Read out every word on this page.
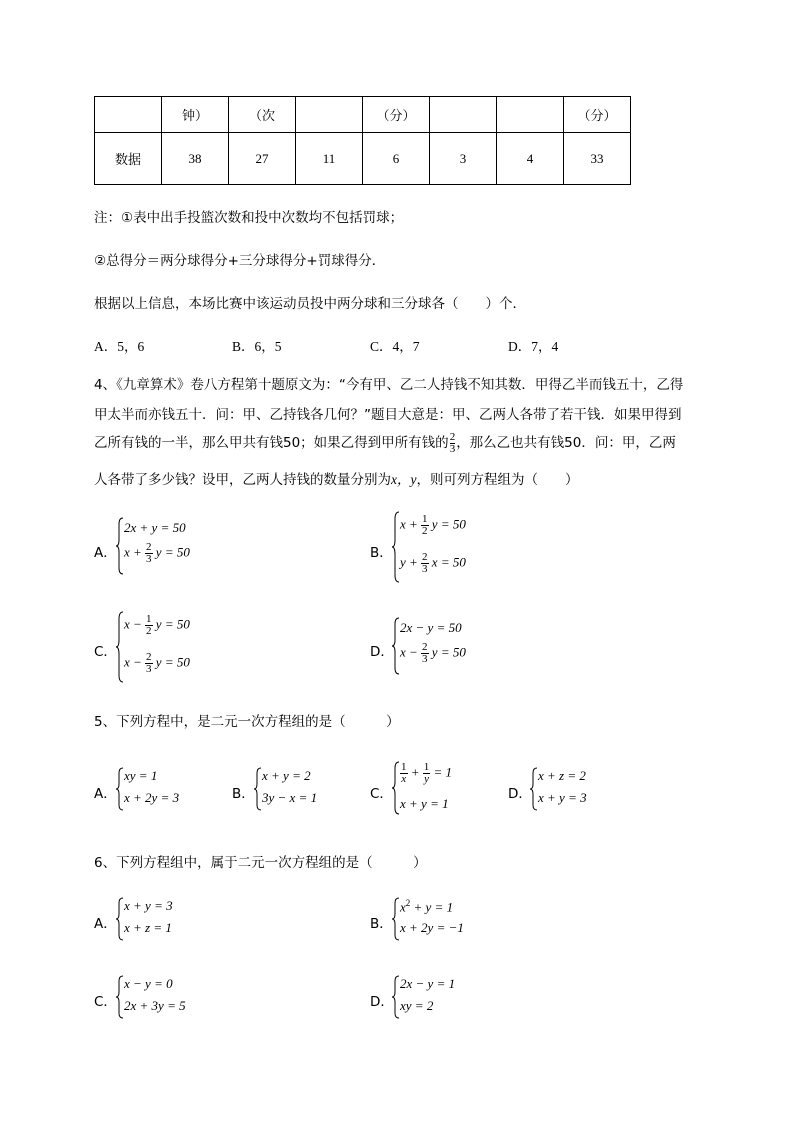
	钟）	（次		（分）			（分）
数据	38	27	11	6	3	4	33
注：①表中出手投篮次数和投中次数均不包括罚球；
②总得分＝两分球得分+三分球得分+罚球得分．
根据以上信息，本场比赛中该运动员投中两分球和三分球各（　　）个．
A．5，6	B．6，5	C．4，7	D．7，4
4、《九章算术》卷八方程第十题原文为：“今有甲、乙二人持钱不知其数．甲得乙半而钱五十，乙得
甲太半而亦钱五十．问：甲、乙持钱各几何？”题目大意是：甲、乙两人各带了若干钱．如果甲得到
乙所有钱的一半，那么甲共有钱50；如果乙得到甲所有钱的 $\frac{2}{3}$ ，那么乙也共有钱50．问：甲，乙两
人各带了多少钱？设甲，乙两人持钱的数量分别为x，y，则可列方程组为（　　）
A．
2x + y = 50
$x + \frac{2}{3}$ y = 50	B．
$x + \frac{1}{2}$ y = 50
$y + \frac{2}{3}$ x = 50
C．
$x - \frac{1}{2}$ y = 50
$x - \frac{2}{3}$ y = 50
D．
2x − y = 50
$x - \frac{2}{3}$ y = 50
5、下列方程中，是二元一次方程组的是（　　　）
A．
xy = 1
x + 2y = 3	B．
x + y = 2
3y − x = 1	C．
$\frac{1}{x} + \frac{1}{y} = 1$
x + y = 1
D．
x + z = 2
x + y = 3
6、下列方程组中，属于二元一次方程组的是（　　　）
A．
x + y = 3
x + z = 1	B．
$x^2 + y = 1$
x + 2y = −1
C．
x − y = 0
2x + 3y = 5	D．
2x − y = 1
xy = 2
